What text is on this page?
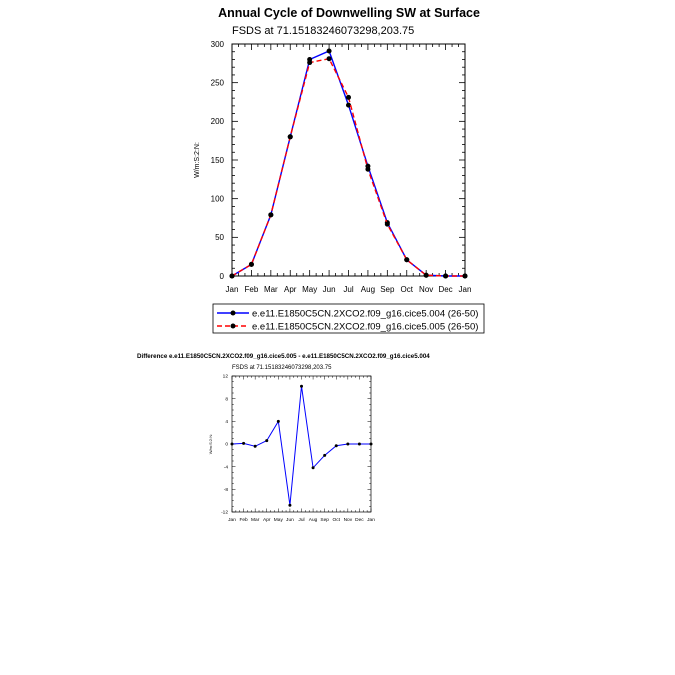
Annual Cycle of Downwelling SW at Surface
FSDS at 71.15183246073298,203.75
Difference e.e11.E1850C5CN.2XCO2.f09_g16.cice5.005 - e.e11.E1850C5CN.2XCO2.f09_g16.cice5.004
FSDS at 71.15183246073298,203.75
Jan Feb Mar Apr May Jun Jul Aug Sep Oct Nov Dec Jan
0
50
100
150
200
250
300
W/m:S:2:N:
Jan Feb Mar Apr May Jun Jul Aug Sep Oct Nov Dec Jan
-12
-8
-4
0
4
8
12
W/m:S:2:N:
e.e11.E1850C5CN.2XCO2.f09_g16.cice5.004 (26-50)
e.e11.E1850C5CN.2XCO2.f09_g16.cice5.005 (26-50)
